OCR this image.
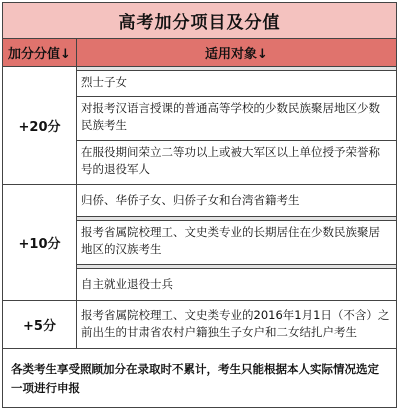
高考加分项目及分值
加分分值↓	适用对象↓
+20分
烈士子女
对报考汉语言授课的普通高等学校的少数民族聚居地区少数民族考生
在服役期间荣立二等功以上或被大军区以上单位授予荣誉称号的退役军人
+10分
归侨、华侨子女、归侨子女和台湾省籍考生
报考省属院校理工、文史类专业的长期居住在少数民族聚居地区的汉族考生
自主就业退役士兵
+5分
报考省属院校理工、文史类专业的2016年1月1日（不含）之前出生的甘肃省农村户籍独生子女户和二女结扎户考生
各类考生享受照顾加分在录取时不累计，考生只能根据本人实际情况选定一项进行申报
